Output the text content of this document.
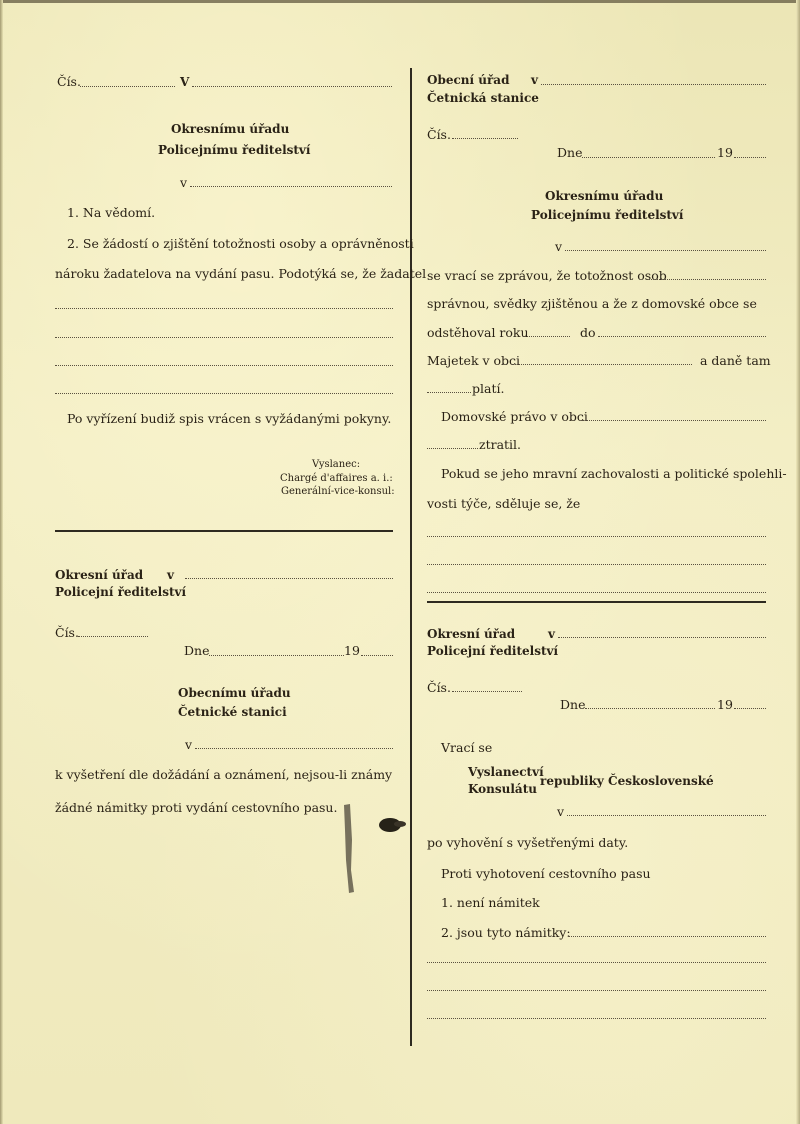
Čís.	V
Okresnímu úřadu
Policejnímu ředitelství
v
1. Na vědomí.
2. Se žádostí o zjištění totožnosti osoby a oprávněnosti
nároku žadatelova na vydání pasu. Podotýká se, že žadatel
Po vyřízení budiž spis vrácen s vyžádanými pokyny.
Vyslanec:
Chargé d'affaires a. i.:
Generální-vice-konsul:
Okresní úřad v
Policejní ředitelství
Čís.
Dne	19
Obecnímu úřadu
Četnické stanici
v
k vyšetření dle dožádání a oznámení, nejsou-li známy
žádné námitky proti vydání cestovního pasu.
Obecní úřad v
Četnická stanice
Čís.
Dne	19
Okresnímu úřadu
Policejnímu ředitelství
v
se vrací se zprávou, že totožnost osob
správnou, svědky zjištěnou a že z domovské obce se
odstěhoval roku	do
Majetek v obci	a daně tam
platí.
Domovské právo v obci
ztratil.
Pokud se jeho mravní zachovalosti a politické spolehli-
vosti týče, sděluje se, že
Okresní úřad	v
Policejní ředitelství
Čís.
Dne	19
Vrací se
Vyslanectví
Konsulátu
republiky Československé
v
po vyhovění s vyšetřenými daty.
Proti vyhotovení cestovního pasu
1. není námitek
2. jsou tyto námitky:
